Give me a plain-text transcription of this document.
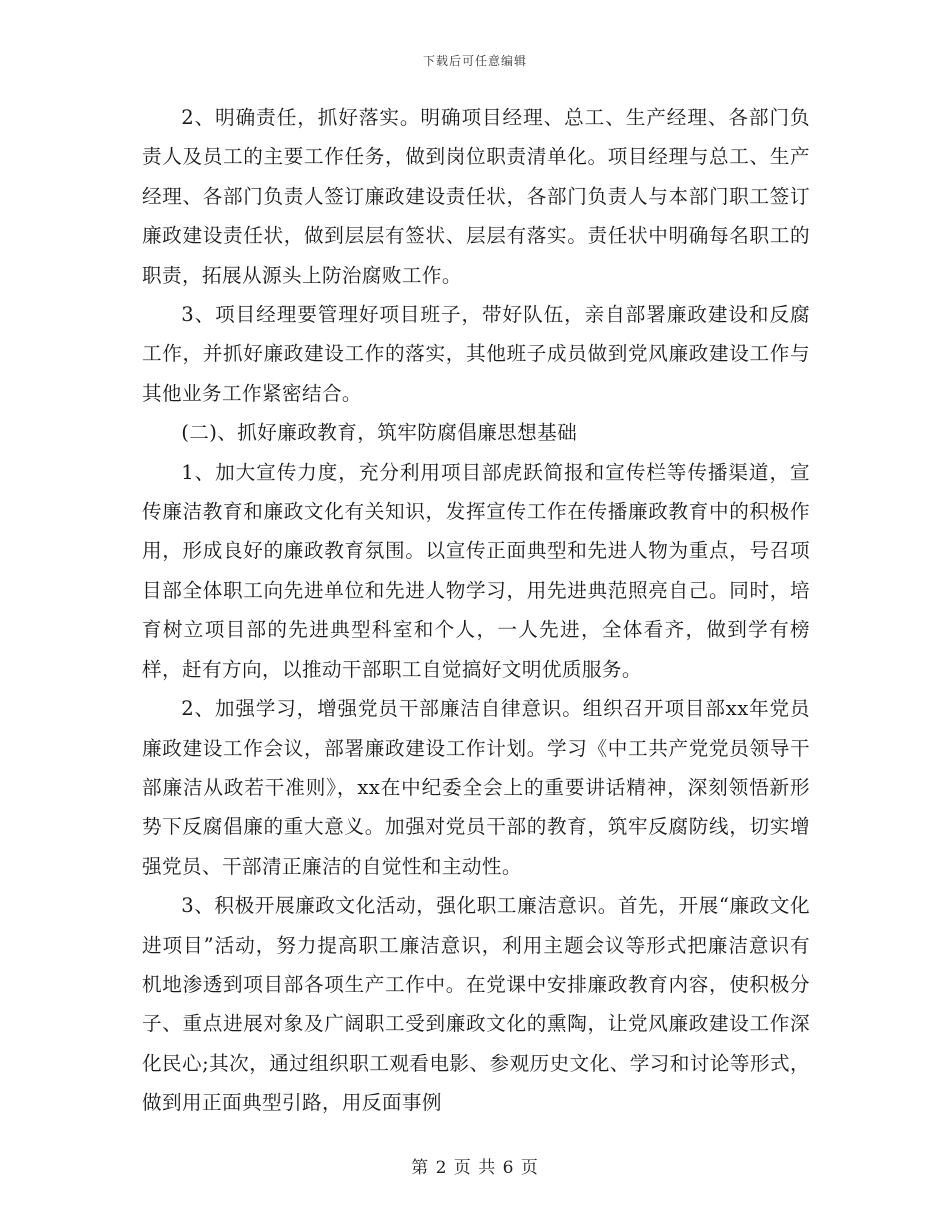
下载后可任意编辑

2、明确责任，抓好落实。明确项目经理、总工、生产经理、各部门负责人及员工的主要工作任务，做到岗位职责清单化。项目经理与总工、生产经理、各部门负责人签订廉政建设责任状，各部门负责人与本部门职工签订廉政建设责任状，做到层层有签状、层层有落实。责任状中明确每名职工的职责，拓展从源头上防治腐败工作。

3、项目经理要管理好项目班子，带好队伍，亲自部署廉政建设和反腐工作，并抓好廉政建设工作的落实，其他班子成员做到党风廉政建设工作与其他业务工作紧密结合。

(二)、抓好廉政教育，筑牢防腐倡廉思想基础

1、加大宣传力度，充分利用项目部虎跃简报和宣传栏等传播渠道，宣传廉洁教育和廉政文化有关知识，发挥宣传工作在传播廉政教育中的积极作用，形成良好的廉政教育氛围。以宣传正面典型和先进人物为重点，号召项目部全体职工向先进单位和先进人物学习，用先进典范照亮自己。同时，培育树立项目部的先进典型科室和个人，一人先进，全体看齐，做到学有榜样，赶有方向，以推动干部职工自觉搞好文明优质服务。

2、加强学习，增强党员干部廉洁自律意识。组织召开项目部xx年党员廉政建设工作会议，部署廉政建设工作计划。学习《中工共产党党员领导干部廉洁从政若干准则》，xx在中纪委全会上的重要讲话精神，深刻领悟新形势下反腐倡廉的重大意义。加强对党员干部的教育，筑牢反腐防线，切实增强党员、干部清正廉洁的自觉性和主动性。

3、积极开展廉政文化活动，强化职工廉洁意识。首先，开展“廉政文化进项目”活动，努力提高职工廉洁意识，利用主题会议等形式把廉洁意识有机地渗透到项目部各项生产工作中。在党课中安排廉政教育内容，使积极分子、重点进展对象及广阔职工受到廉政文化的熏陶，让党风廉政建设工作深化民心;其次，通过组织职工观看电影、参观历史文化、学习和讨论等形式，做到用正面典型引路，用反面事例

第 2 页 共 6 页
